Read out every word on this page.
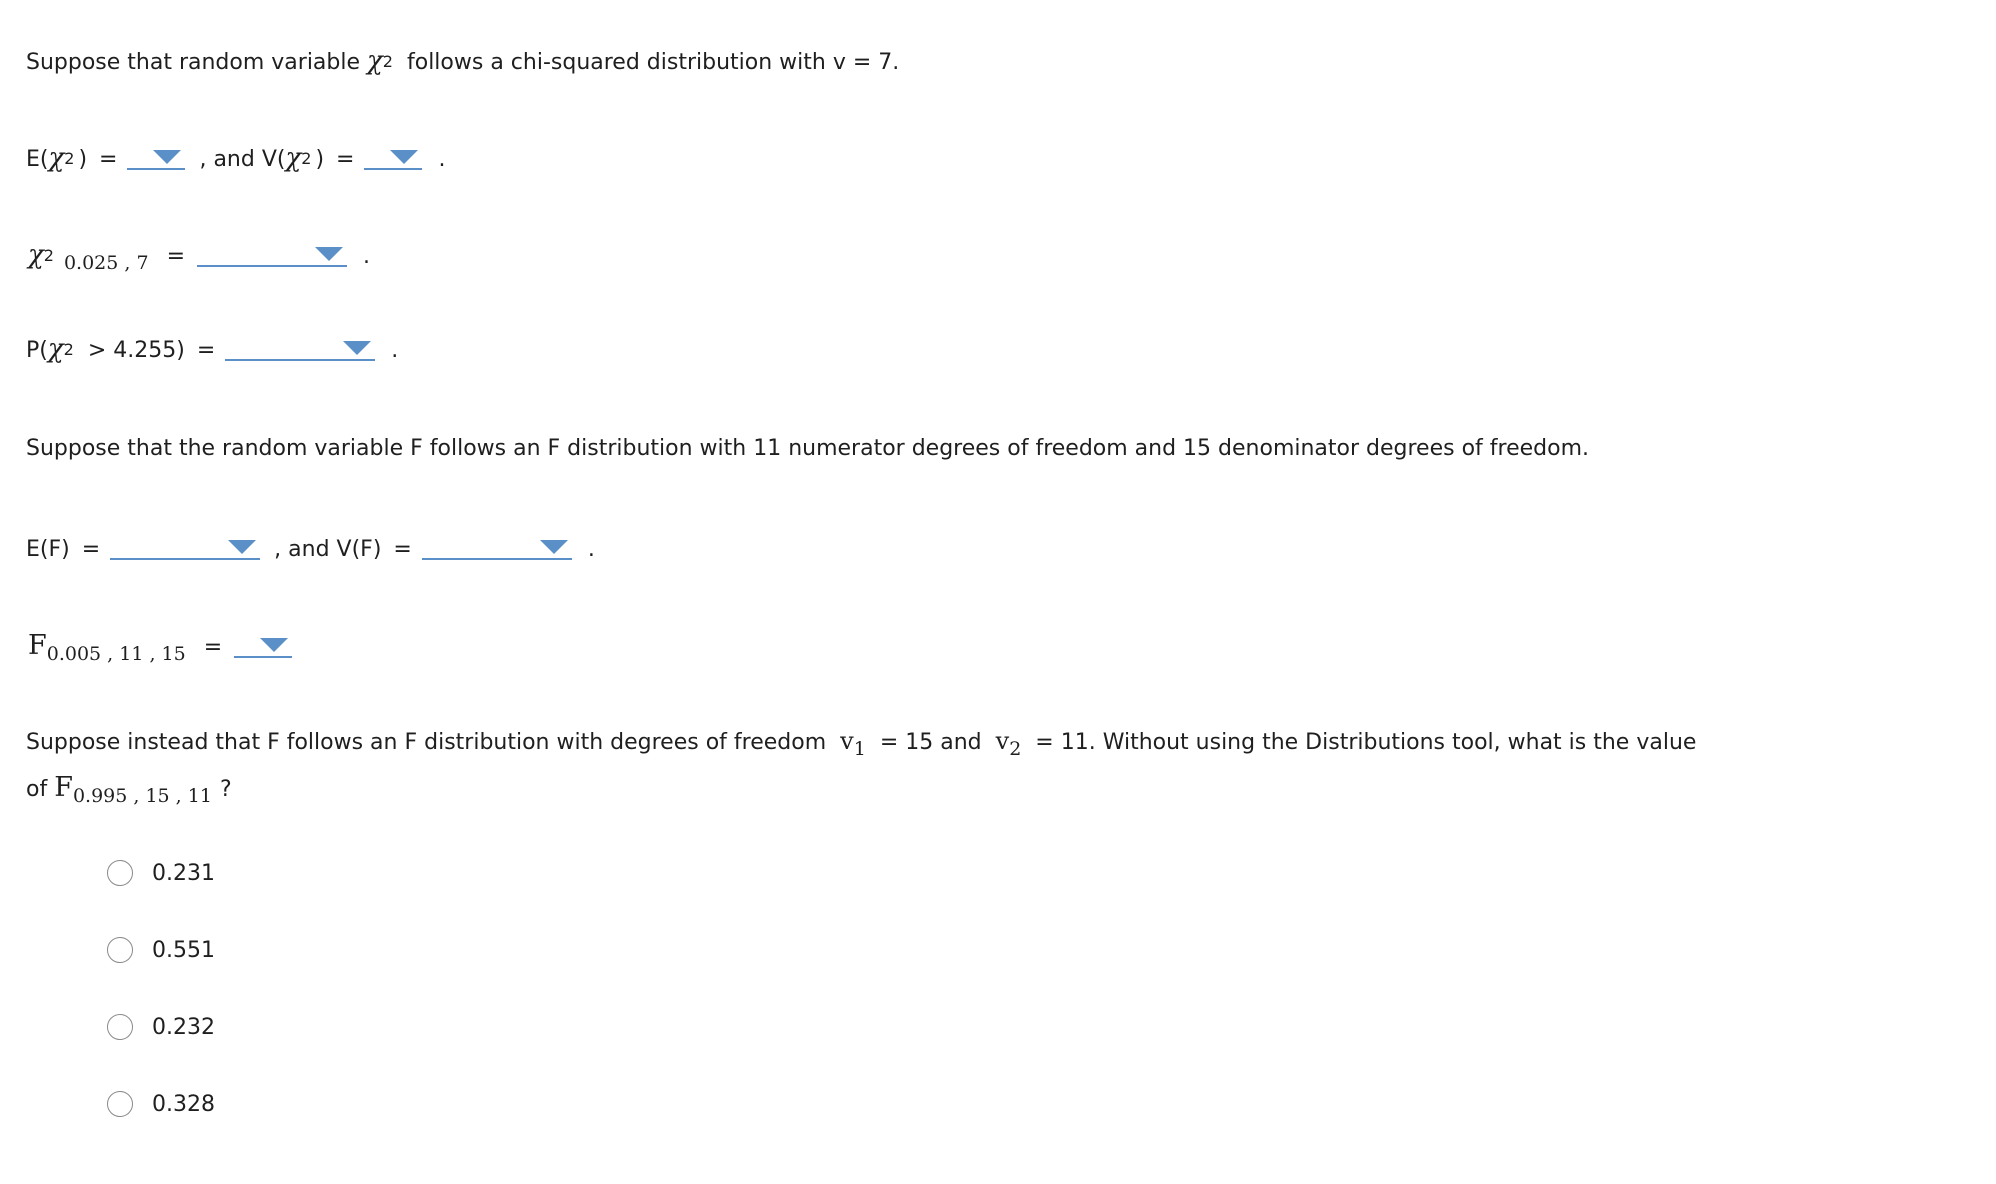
Suppose that random variable
$\chi^2$
follows a chi-squared distribution with v = 7.
E( $\chi^2$ ) =	, and V( $\chi^2$ ) =	.
$\chi^2$ 0.025 , 7 =	.
P( $\chi^2 > 4.255$) =	.
Suppose that the random variable F follows an F distribution with 11 numerator degrees of freedom and 15 denominator degrees of freedom.
E(F) =	, and V(F) =	.
F 0.005 , 11 , 15 =
Suppose instead that F follows an F distribution with degrees of freedom
v 1 = 15 and
v 2 = 11. Without using the Distributions tool, what is the value
of
F 0.995 , 15 , 11 ?
0.231
0.551
0.232
0.328
